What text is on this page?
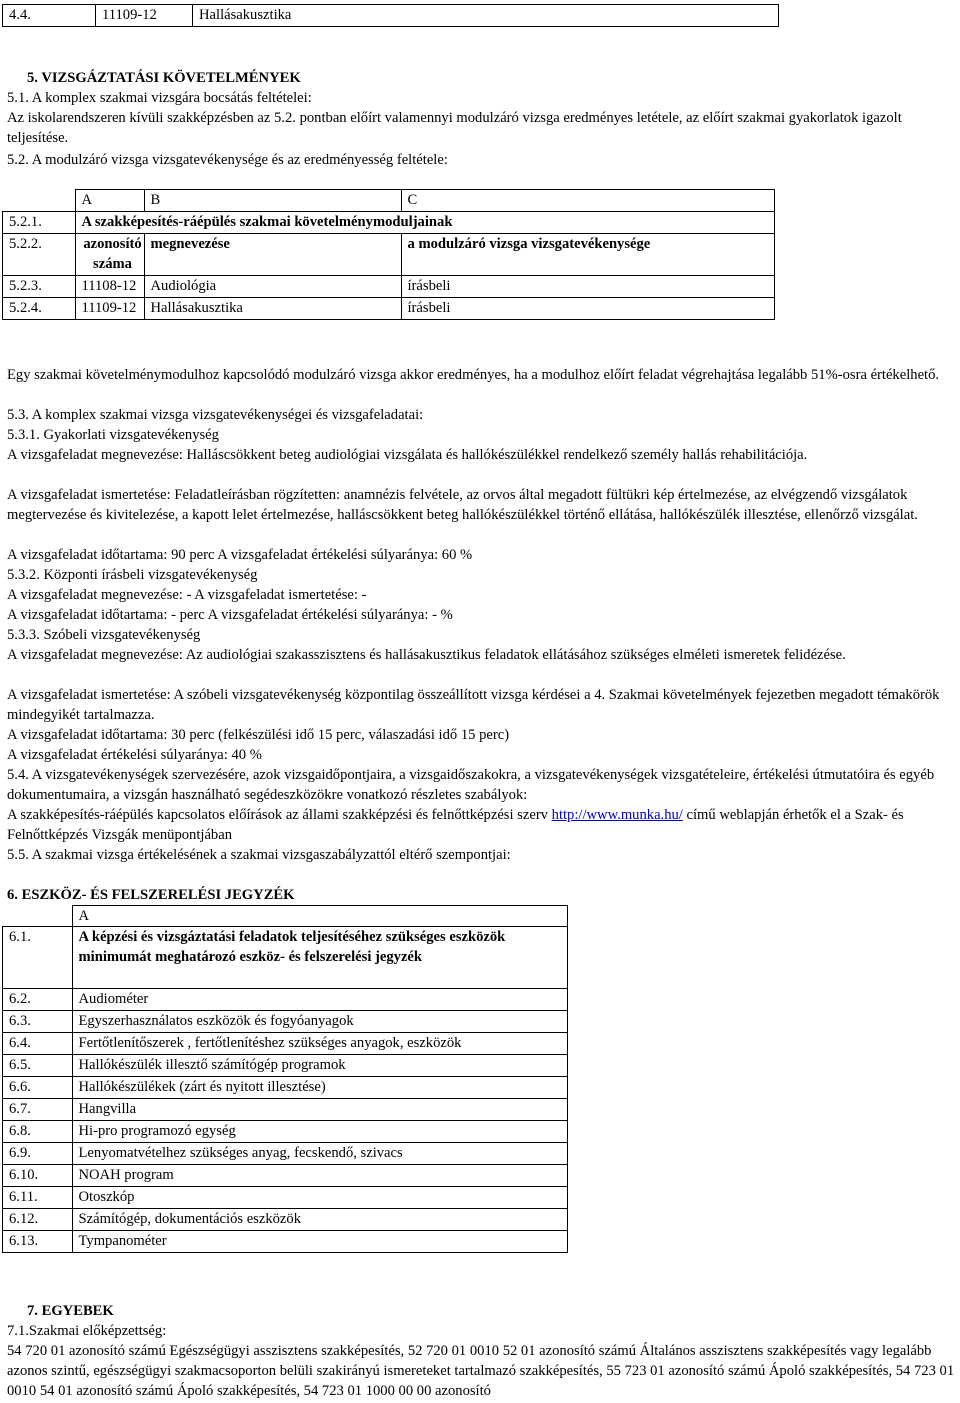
4.4.	11109-12	Hallásakusztika

5. VIZSGÁZTATÁSI KÖVETELMÉNYEK

5.1. A komplex szakmai vizsgára bocsátás feltételei:

Az iskolarendszeren kívüli szakképzésben az 5.2. pontban előírt valamennyi modulzáró vizsga eredményes letétele, az előírt szakmai gyakorlatok igazolt teljesítése.

5.2. A modulzáró vizsga vizsgatevékenysége és az eredményesség feltétele:

	A	B	C
5.2.1.	A szakképesítés-ráépülés szakmai követelménymoduljainak		
5.2.2.	azonosító száma	megnevezése	a modulzáró vizsga vizsgatevékenysége
5.2.3.	11108-12	Audiológia	írásbeli
5.2.4.	11109-12	Hallásakusztika	írásbeli

Egy szakmai követelménymodulhoz kapcsolódó modulzáró vizsga akkor eredményes, ha a modulhoz előírt feladat végrehajtása legalább 51%-osra értékelhető.

5.3. A komplex szakmai vizsga vizsgatevékenységei és vizsgafeladatai:

5.3.1. Gyakorlati vizsgatevékenység

A vizsgafeladat megnevezése: Halláscsökkent beteg audiológiai vizsgálata és hallókészülékkel rendelkező személy hallás rehabilitációja.

A vizsgafeladat ismertetése: Feladatleírásban rögzítetten: anamnézis felvétele, az orvos által megadott fültükri kép értelmezése, az elvégzendő vizsgálatok megtervezése és kivitelezése, a kapott lelet értelmezése, halláscsökkent beteg hallókészülékkel történő ellátása, hallókészülék illesztése, ellenőrző vizsgálat.

A vizsgafeladat időtartama: 90 perc A vizsgafeladat értékelési súlyaránya: 60 %

5.3.2. Központi írásbeli vizsgatevékenység

A vizsgafeladat megnevezése: - A vizsgafeladat ismertetése: -

A vizsgafeladat időtartama: - perc A vizsgafeladat értékelési súlyaránya: - %

5.3.3. Szóbeli vizsgatevékenység

A vizsgafeladat megnevezése: Az audiológiai szakasszisztens és hallásakusztikus feladatok ellátásához szükséges elméleti ismeretek felidézése.

A vizsgafeladat ismertetése: A szóbeli vizsgatevékenység központilag összeállított vizsga kérdései a 4. Szakmai követelmények fejezetben megadott témakörök mindegyikét tartalmazza.

A vizsgafeladat időtartama: 30 perc (felkészülési idő 15 perc, válaszadási idő 15 perc)

A vizsgafeladat értékelési súlyaránya: 40 %

5.4. A vizsgatevékenységek szervezésére, azok vizsgaidőpontjaira, a vizsgaidőszakokra, a vizsgatevékenységek vizsgatételeire, értékelési útmutatóira és egyéb dokumentumaira, a vizsgán használható segédeszközökre vonatkozó részletes szabályok:

A szakképesítés-ráépülés kapcsolatos előírások az állami szakképzési és felnőttképzési szerv http://www.munka.hu/ című weblapján érhetők el a Szak- és Felnőttképzés Vizsgák menüpontjában

5.5. A szakmai vizsga értékelésének a szakmai vizsgaszabályzattól eltérő szempontjai:

6. ESZKÖZ- ÉS FELSZERELÉSI JEGYZÉK

	A
6.1.	A képzési és vizsgáztatási feladatok teljesítéséhez szükséges eszközök minimumát meghatározó eszköz- és felszerelési jegyzék
6.2.	Audiométer
6.3.	Egyszerhasználatos eszközök és fogyóanyagok
6.4.	Fertőtlenítőszerek , fertőtlenítéshez szükséges anyagok, eszközök
6.5.	Hallókészülék illesztő számítógép programok
6.6.	Hallókészülékek (zárt és nyitott illesztése)
6.7.	Hangvilla
6.8.	Hi-pro programozó egység
6.9.	Lenyomatvételhez szükséges anyag, fecskendő, szivacs
6.10.	NOAH program
6.11.	Otoszkóp
6.12.	Számítógép, dokumentációs eszközök
6.13.	Tympanométer

7. EGYEBEK

7.1.Szakmai előképzettség:

54 720 01 azonosító számú Egészségügyi asszisztens szakképesítés, 52 720 01 0010 52 01 azonosító számú Általános asszisztens szakképesítés vagy legalább azonos szintű, egészségügyi szakmacsoporton belüli szakirányú ismereteket tartalmazó szakképesítés, 55 723 01 azonosító számú Ápoló szakképesítés, 54 723 01 0010 54 01 azonosító számú Ápoló szakképesítés, 54 723 01 1000 00 00 azonosító
